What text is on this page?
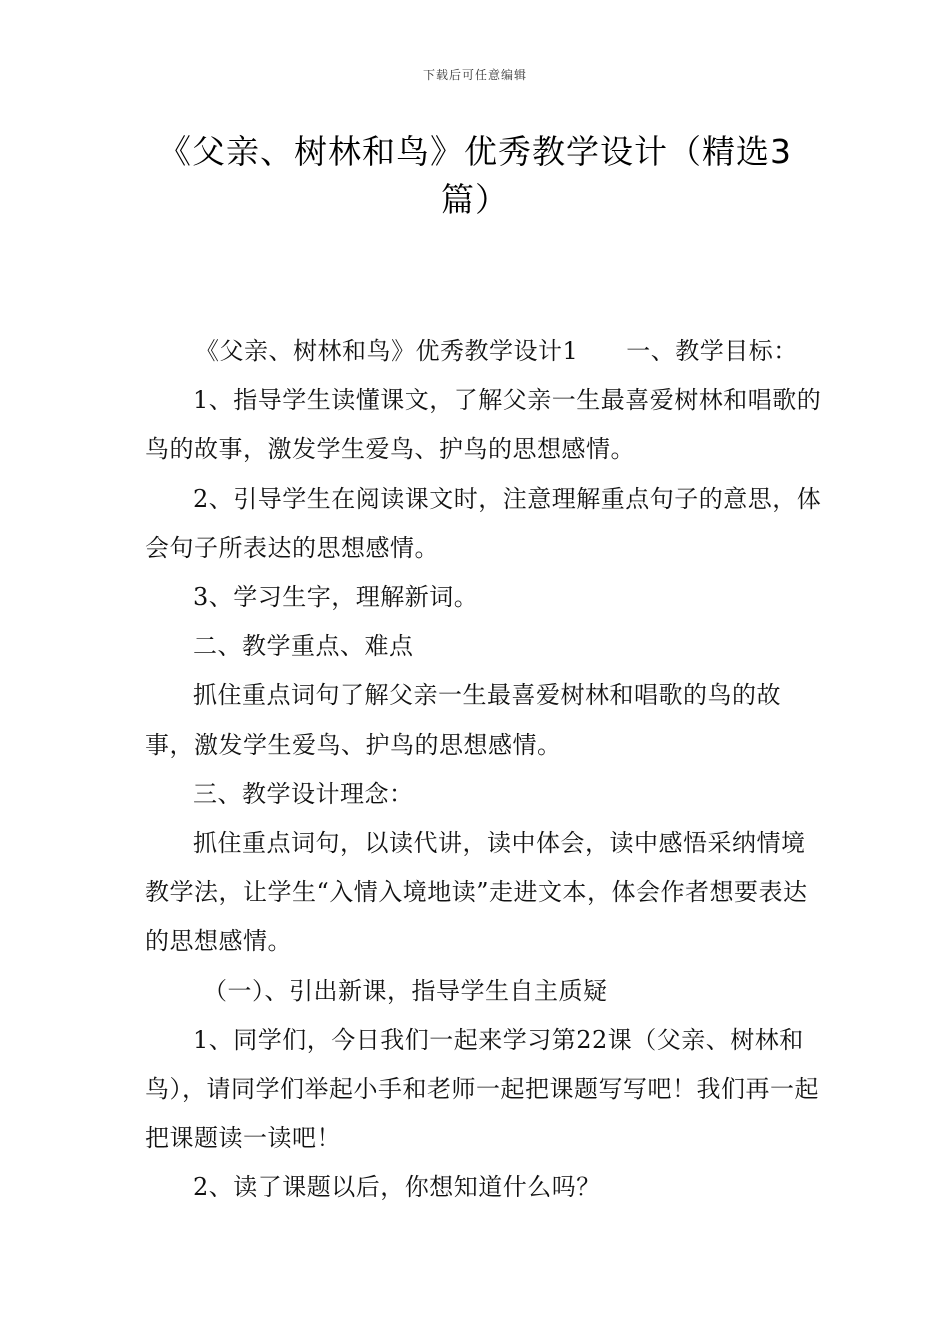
下载后可任意编辑
《父亲、树林和鸟》优秀教学设计（精选3
篇）

《父亲、树林和鸟》优秀教学设计1 一、教学目标：

1、指导学生读懂课文，了解父亲一生最喜爱树林和唱歌的鸟的故事，激发学生爱鸟、护鸟的思想感情。

2、引导学生在阅读课文时，注意理解重点句子的意思，体会句子所表达的思想感情。

3、学习生字，理解新词。

二、教学重点、难点

抓住重点词句了解父亲一生最喜爱树林和唱歌的鸟的故事，激发学生爱鸟、护鸟的思想感情。

三、教学设计理念：

抓住重点词句，以读代讲，读中体会，读中感悟采纳情境教学法，让学生“入情入境地读”走进文本，体会作者想要表达的思想感情。

（一）、引出新课，指导学生自主质疑

1、同学们，今日我们一起来学习第22课（父亲、树林和鸟），请同学们举起小手和老师一起把课题写写吧！我们再一起把课题读一读吧！

2、读了课题以后，你想知道什么吗？
